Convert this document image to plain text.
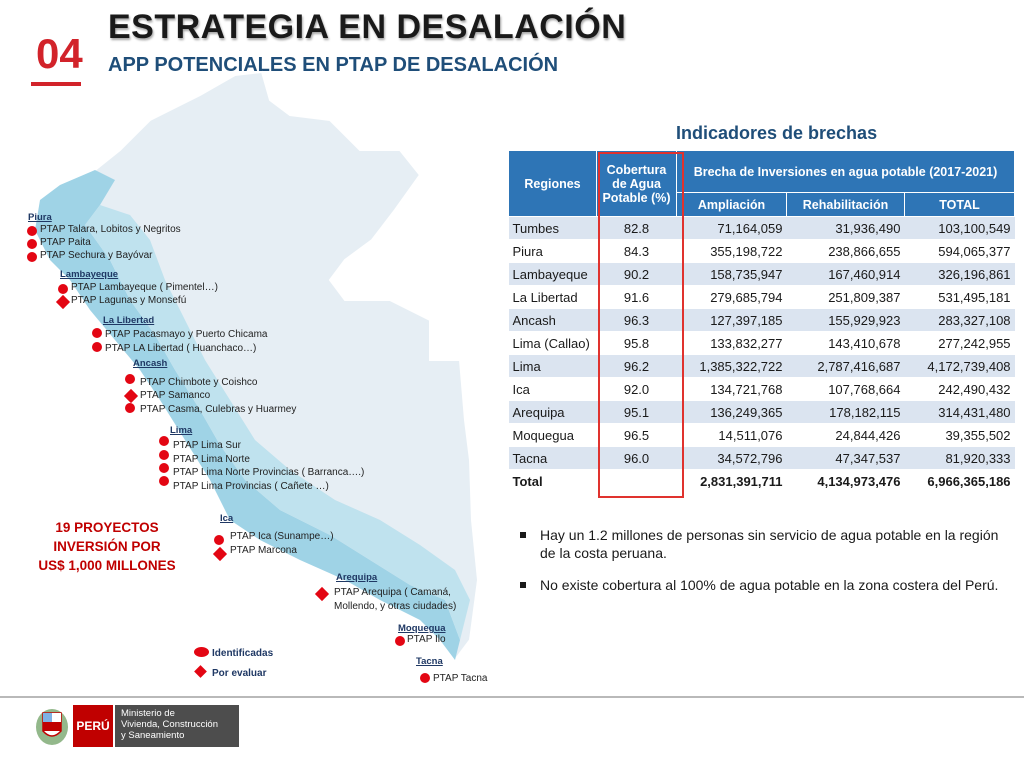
04
ESTRATEGIA EN DESALACIÓN
APP POTENCIALES EN PTAP DE DESALACIÓN
Piura
PTAP Talara, Lobitos y Negritos
PTAP Paita
PTAP Sechura y Bayóvar
Lambayeque
PTAP Lambayeque ( Pimentel…)
PTAP Lagunas y Monsefú
La Libertad
PTAP Pacasmayo y Puerto Chicama
PTAP LA Libertad ( Huanchaco…)
Ancash
PTAP Chimbote y Coishco
PTAP Samanco
PTAP Casma, Culebras y Huarmey
Lima
PTAP Lima Sur
PTAP Lima Norte
PTAP Lima Norte Provincias ( Barranca….)
PTAP Lima Provincias ( Cañete …)
Ica
PTAP Ica (Sunampe…)
PTAP Marcona
Arequipa
PTAP Arequipa ( Camaná,
Mollendo, y otras ciudades)
Moquegua
PTAP Ilo
Tacna
PTAP Tacna
19 PROYECTOS
INVERSIÓN POR
US$ 1,000 MILLONES
Identificadas
Por evaluar
Indicadores de brechas
Regiones	Cobertura de Agua Potable (%)	Brecha de Inversiones en agua potable (2017-2021)		
		Ampliación	Rehabilitación	TOTAL
Tumbes	82.8	71,164,059	31,936,490	103,100,549
Piura	84.3	355,198,722	238,866,655	594,065,377
Lambayeque	90.2	158,735,947	167,460,914	326,196,861
La Libertad	91.6	279,685,794	251,809,387	531,495,181
Ancash	96.3	127,397,185	155,929,923	283,327,108
Lima (Callao)	95.8	133,832,277	143,410,678	277,242,955
Lima	96.2	1,385,322,722	2,787,416,687	4,172,739,408
Ica	92.0	134,721,768	107,768,664	242,490,432
Arequipa	95.1	136,249,365	178,182,115	314,431,480
Moquegua	96.5	14,511,076	24,844,426	39,355,502
Tacna	96.0	34,572,796	47,347,537	81,920,333
Total		2,831,391,711	4,134,973,476	6,966,365,186
Hay un 1.2 millones de personas sin servicio de agua potable en la región de la costa peruana.
No existe cobertura al 100% de agua potable en la zona costera del Perú.
PERÚ
Ministerio de
Vivienda, Construcción
y Saneamiento
